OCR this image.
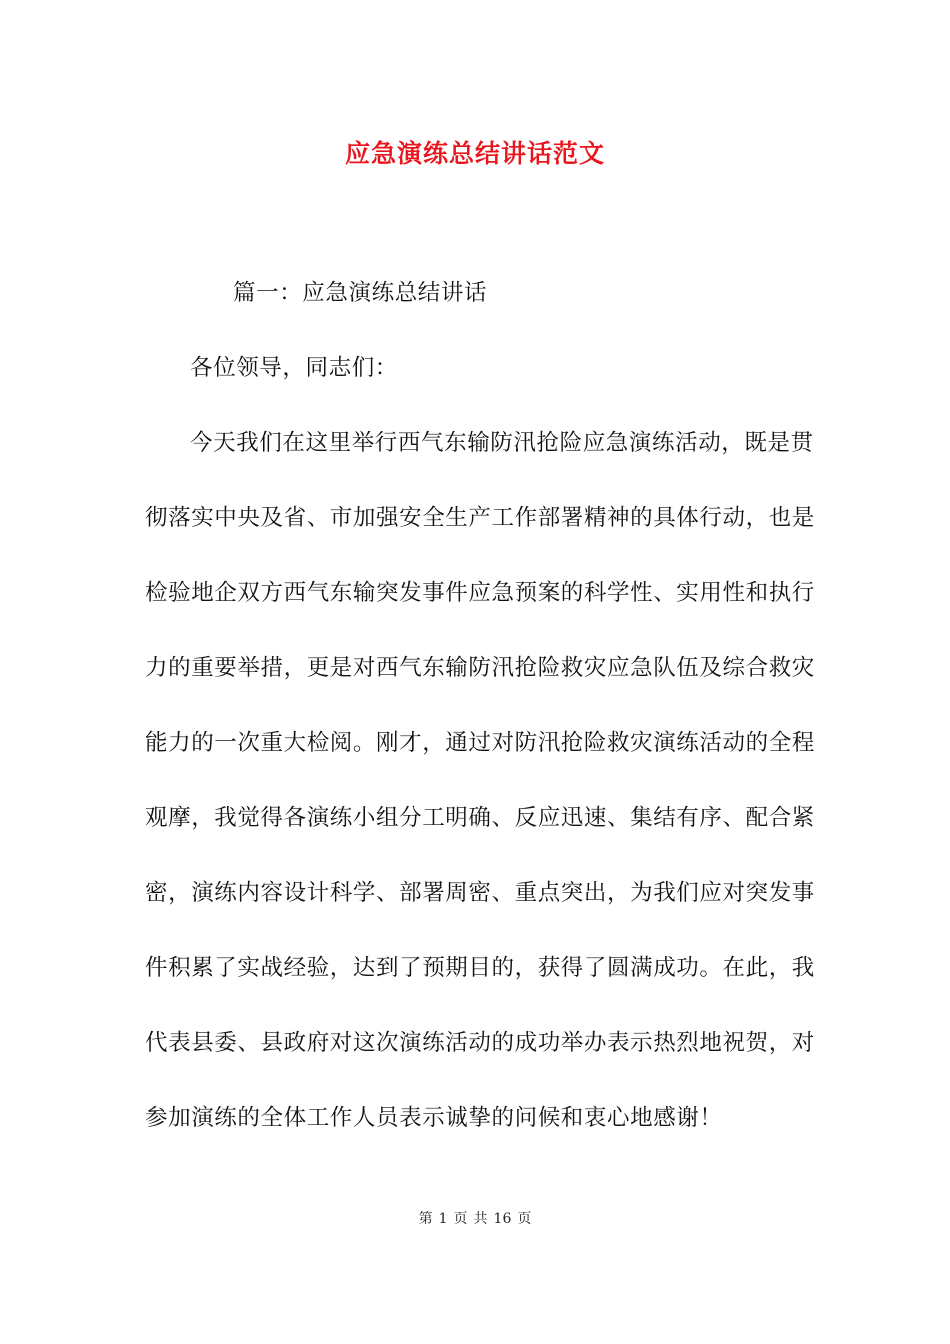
应急演练总结讲话范文
篇一：应急演练总结讲话
各位领导，同志们：
今天我们在这里举行西气东输防汛抢险应急演练活动，既是贯
彻落实中央及省、市加强安全生产工作部署精神的具体行动，也是
检验地企双方西气东输突发事件应急预案的科学性、实用性和执行
力的重要举措，更是对西气东输防汛抢险救灾应急队伍及综合救灾
能力的一次重大检阅。刚才，通过对防汛抢险救灾演练活动的全程
观摩，我觉得各演练小组分工明确、反应迅速、集结有序、配合紧
密，演练内容设计科学、部署周密、重点突出，为我们应对突发事
件积累了实战经验，达到了预期目的，获得了圆满成功。在此，我
代表县委、县政府对这次演练活动的成功举办表示热烈地祝贺，对
参加演练的全体工作人员表示诚挚的问候和衷心地感谢！
第 1 页 共 16 页
